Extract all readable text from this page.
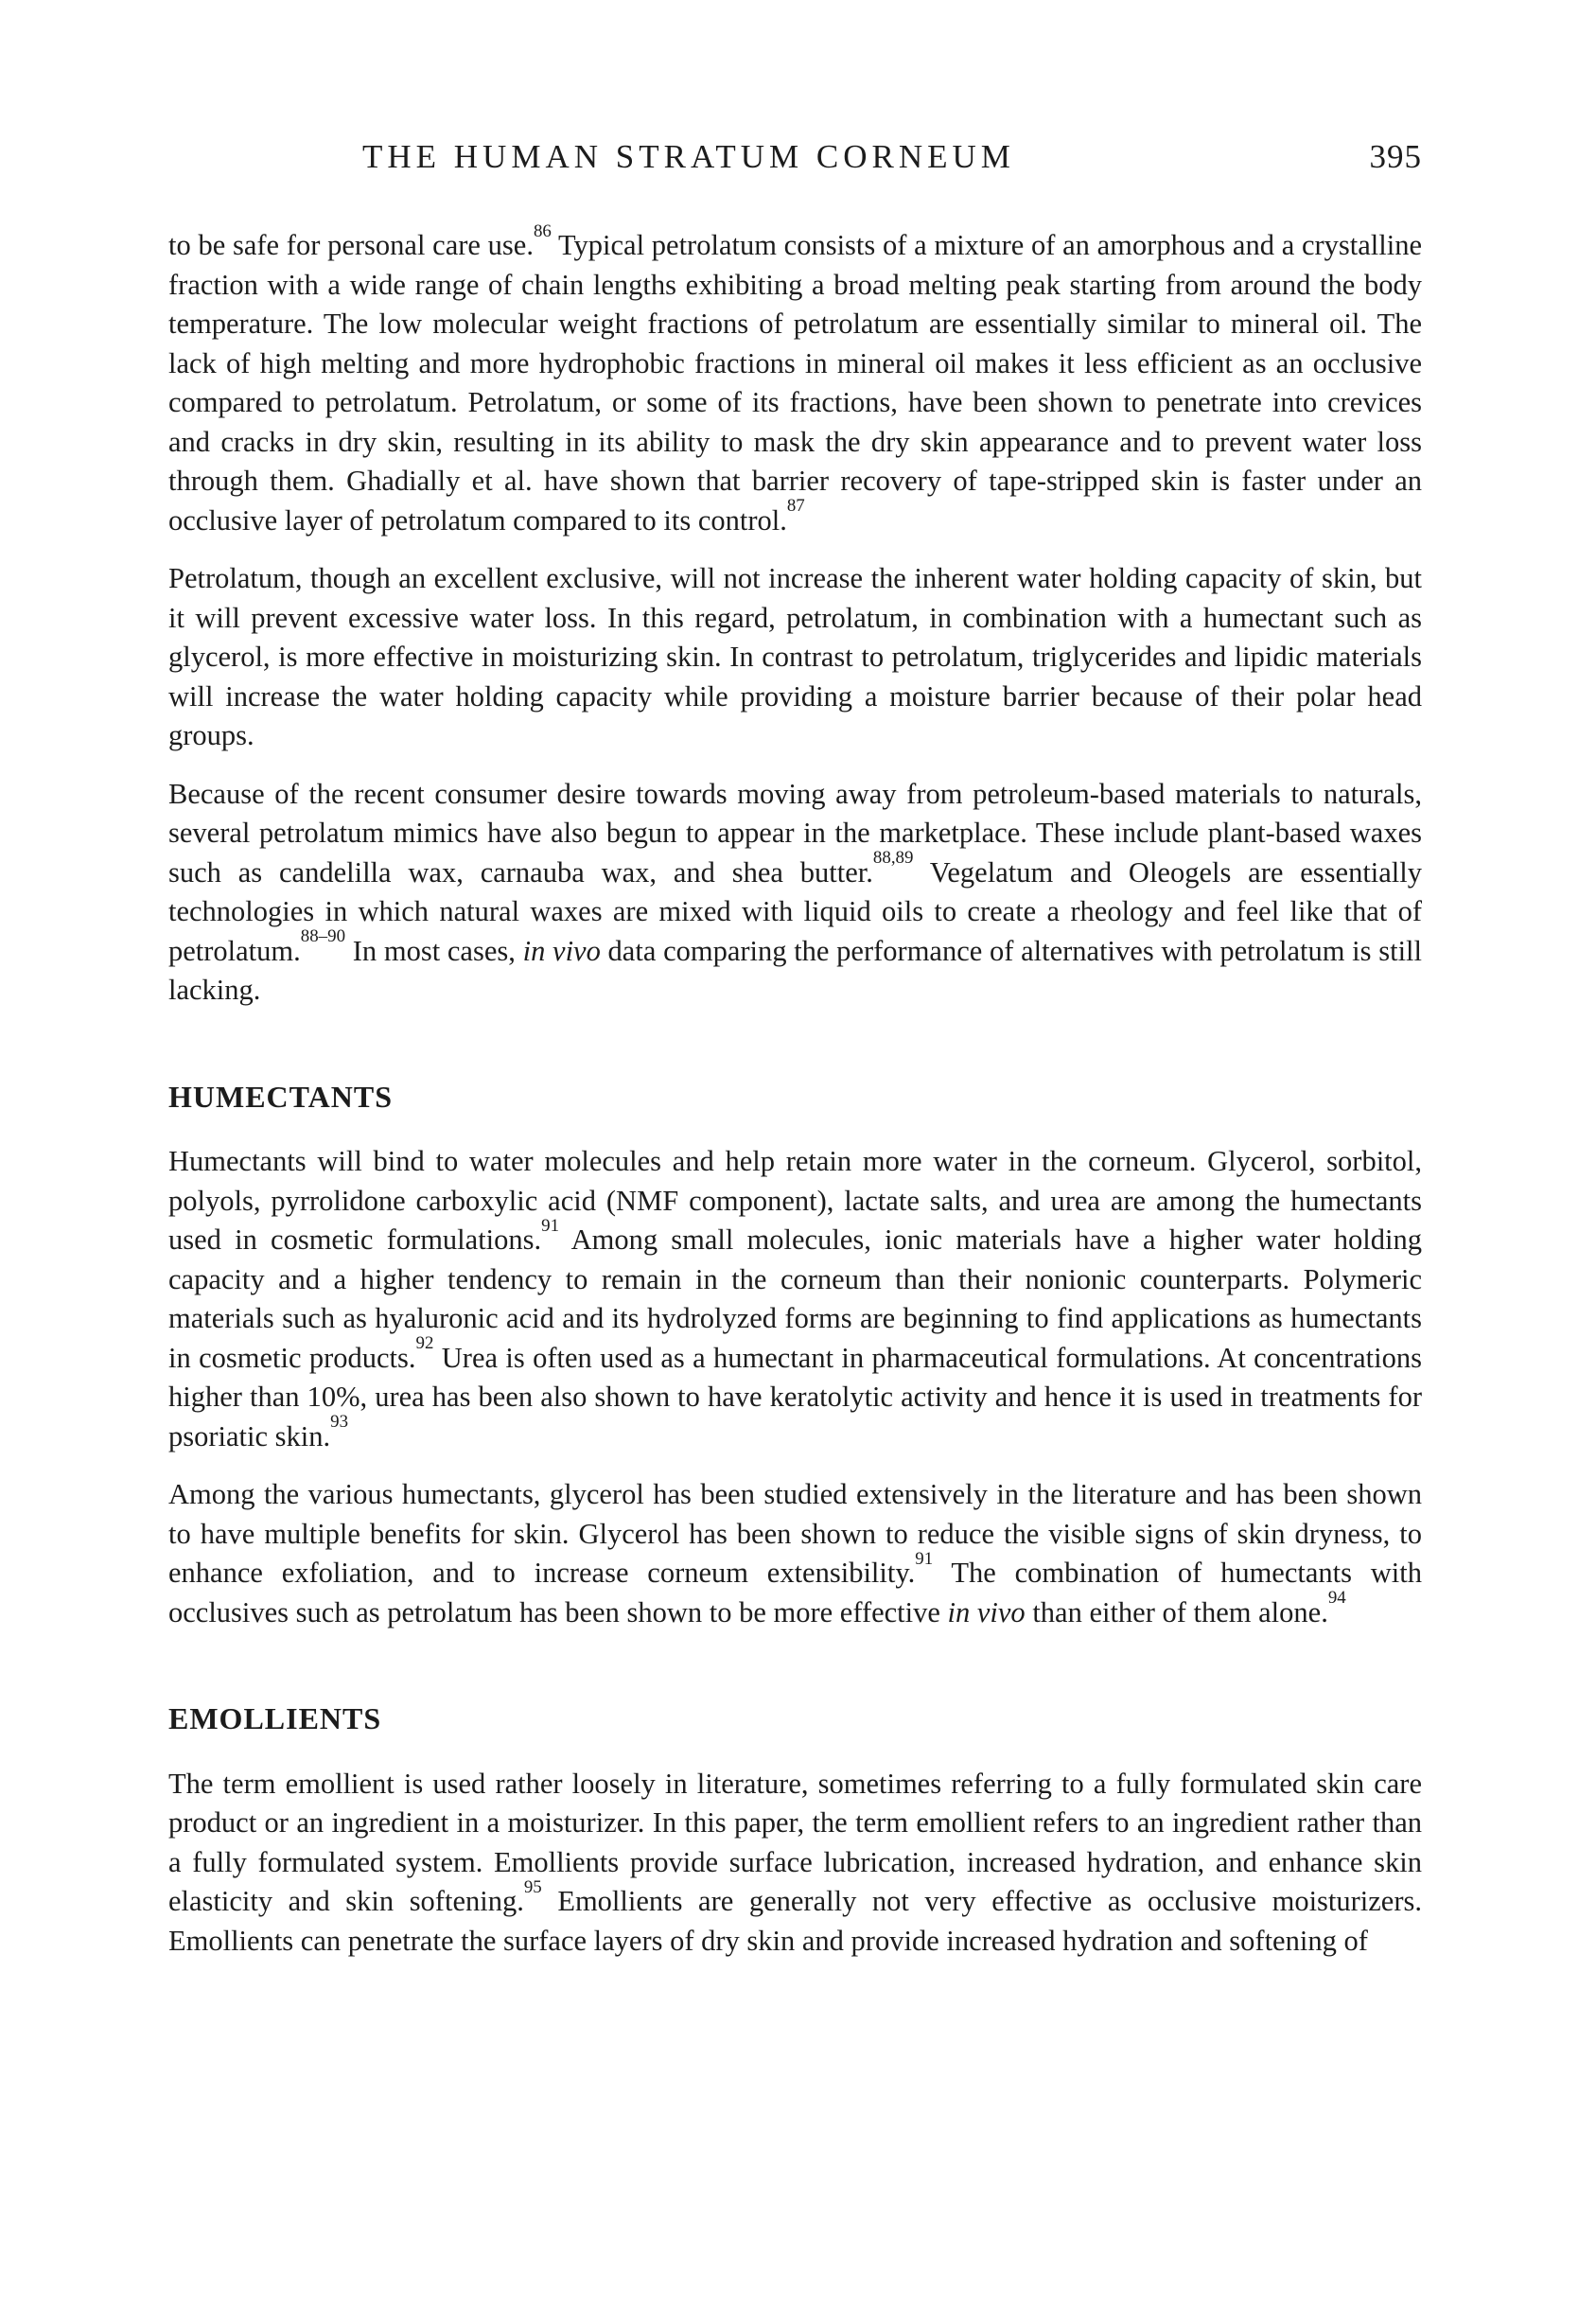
THE HUMAN STRATUM CORNEUM	395

to be safe for personal care use.$^{86}$ Typical petrolatum consists of a mixture of an amorphous and a crystalline fraction with a wide range of chain lengths exhibiting a broad melting peak starting from around the body temperature. The low molecular weight fractions of petrolatum are essentially similar to mineral oil. The lack of high melting and more hydrophobic fractions in mineral oil makes it less efficient as an occlusive compared to petrolatum. Petrolatum, or some of its fractions, have been shown to penetrate into crevices and cracks in dry skin, resulting in its ability to mask the dry skin appearance and to prevent water loss through them. Ghadially et al. have shown that barrier recovery of tape-stripped skin is faster under an occlusive layer of petrolatum compared to its control.$^{87}$

Petrolatum, though an excellent exclusive, will not increase the inherent water holding capacity of skin, but it will prevent excessive water loss. In this regard, petrolatum, in combination with a humectant such as glycerol, is more effective in moisturizing skin. In contrast to petrolatum, triglycerides and lipidic materials will increase the water holding capacity while providing a moisture barrier because of their polar head groups.

Because of the recent consumer desire towards moving away from petroleum-based materials to naturals, several petrolatum mimics have also begun to appear in the marketplace. These include plant-based waxes such as candelilla wax, carnauba wax, and shea butter.$^{88,89}$ Vegelatum and Oleogels are essentially technologies in which natural waxes are mixed with liquid oils to create a rheology and feel like that of petrolatum.$^{88-90}$ In most cases, in vivo data comparing the performance of alternatives with petrolatum is still lacking.

HUMECTANTS

Humectants will bind to water molecules and help retain more water in the corneum. Glycerol, sorbitol, polyols, pyrrolidone carboxylic acid (NMF component), lactate salts, and urea are among the humectants used in cosmetic formulations.$^{91}$ Among small molecules, ionic materials have a higher water holding capacity and a higher tendency to remain in the corneum than their nonionic counterparts. Polymeric materials such as hyaluronic acid and its hydrolyzed forms are beginning to find applications as humectants in cosmetic products.$^{92}$ Urea is often used as a humectant in pharmaceutical formulations. At concentrations higher than 10%, urea has been also shown to have keratolytic activity and hence it is used in treatments for psoriatic skin.$^{93}$

Among the various humectants, glycerol has been studied extensively in the literature and has been shown to have multiple benefits for skin. Glycerol has been shown to reduce the visible signs of skin dryness, to enhance exfoliation, and to increase corneum extensibility.$^{91}$ The combination of humectants with occlusives such as petrolatum has been shown to be more effective in vivo than either of them alone.$^{94}$

EMOLLIENTS

The term emollient is used rather loosely in literature, sometimes referring to a fully formulated skin care product or an ingredient in a moisturizer. In this paper, the term emollient refers to an ingredient rather than a fully formulated system. Emollients provide surface lubrication, increased hydration, and enhance skin elasticity and skin softening.$^{95}$ Emollients are generally not very effective as occlusive moisturizers. Emollients can penetrate the surface layers of dry skin and provide increased hydration and softening of
